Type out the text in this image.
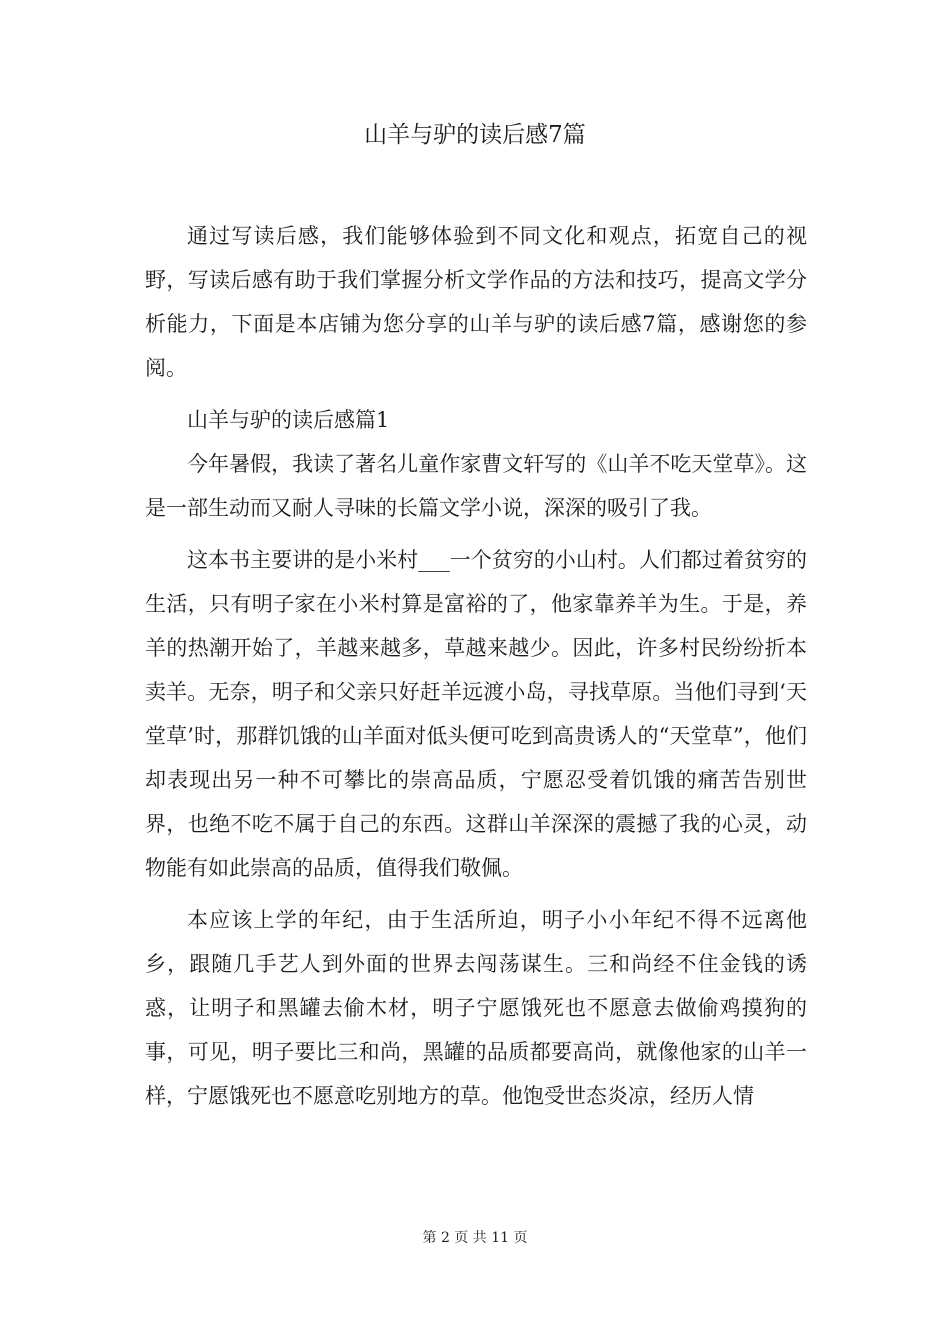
山羊与驴的读后感7篇

通过写读后感，我们能够体验到不同文化和观点，拓宽自己的视野，写读后感有助于我们掌握分析文学作品的方法和技巧，提高文学分析能力，下面是本店铺为您分享的山羊与驴的读后感7篇，感谢您的参阅。

山羊与驴的读后感篇1

今年暑假，我读了著名儿童作家曹文轩写的《山羊不吃天堂草》。这是一部生动而又耐人寻味的长篇文学小说，深深的吸引了我。

这本书主要讲的是小米村___一个贫穷的小山村。人们都过着贫穷的生活，只有明子家在小米村算是富裕的了，他家靠养羊为生。于是，养羊的热潮开始了，羊越来越多，草越来越少。因此，许多村民纷纷折本卖羊。无奈，明子和父亲只好赶羊远渡小岛，寻找草原。当他们寻到‘天堂草’时，那群饥饿的山羊面对低头便可吃到高贵诱人的“天堂草”，他们却表现出另一种不可攀比的崇高品质，宁愿忍受着饥饿的痛苦告别世界，也绝不吃不属于自己的东西。这群山羊深深的震撼了我的心灵，动物能有如此崇高的品质，值得我们敬佩。

本应该上学的年纪，由于生活所迫，明子小小年纪不得不远离他乡，跟随几手艺人到外面的世界去闯荡谋生。三和尚经不住金钱的诱惑，让明子和黑罐去偷木材，明子宁愿饿死也不愿意去做偷鸡摸狗的事，可见，明子要比三和尚，黑罐的品质都要高尚，就像他家的山羊一样，宁愿饿死也不愿意吃别地方的草。他饱受世态炎凉，经历人情

第 2 页 共 11 页
